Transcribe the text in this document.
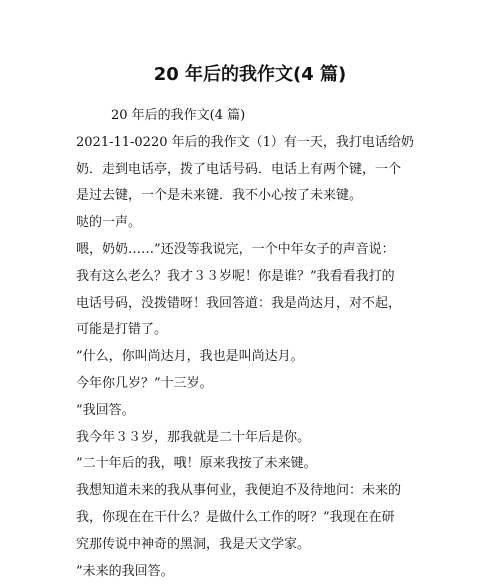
20 年后的我作文(4 篇)
20 年后的我作文(4 篇)
2021-11-0220 年后的我作文（1）有一天，我打电话给奶
奶．走到电话亭，拨了电话号码．电话上有两个键，一个
是过去键，一个是未来键．我不小心按了未来键。
哒的一声。
喂，奶奶……”还没等我说完，一个中年女子的声音说：
我有这么老么？我才３３岁呢！你是谁？”我看看我打的
电话号码，没拨错呀！我回答道：我是尚达月，对不起，
可能是打错了。
”什么，你叫尚达月，我也是叫尚达月。
今年你几岁？”十三岁。
”我回答。
我今年３３岁，那我就是二十年后是你。
”二十年后的我，哦！原来我按了未来键。
我想知道未来的我从事何业，我便迫不及待地问：未来的
我，你现在在干什么？是做什么工作的呀？”我现在在研
究那传说中神奇的黑洞，我是天文学家。
”未来的我回答。
